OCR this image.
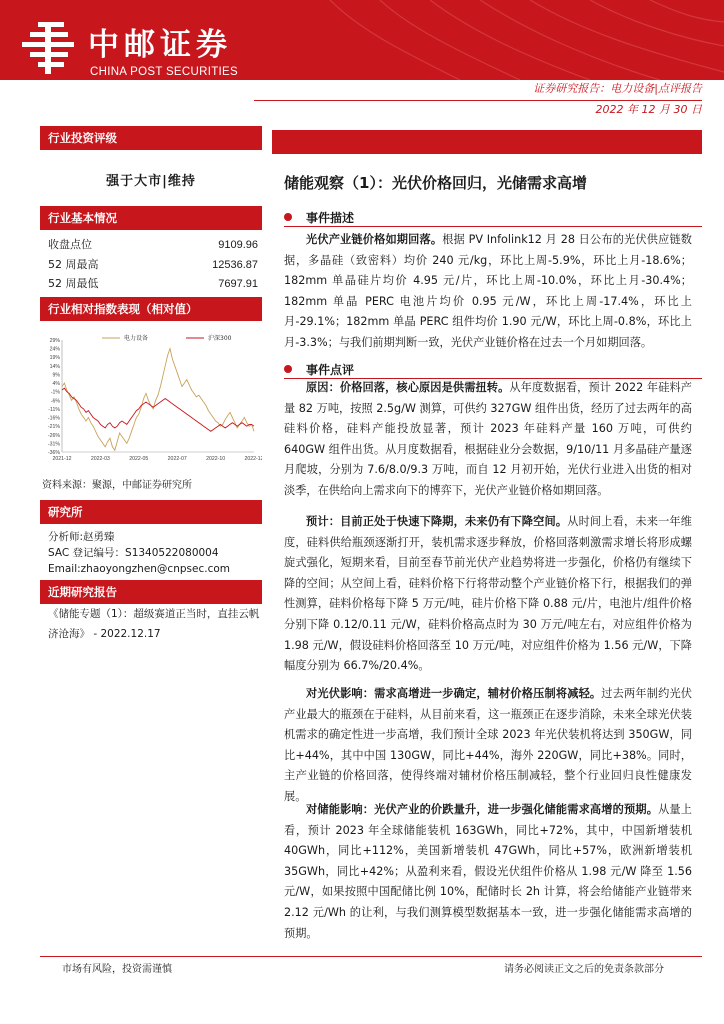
中邮证券
CHINA POST SECURITIES
证券研究报告：电力设备|点评报告
2022 年 12 月 30 日
行业投资评级
强于大市|维持
行业基本情况
收盘点位	9109.96
52 周最高	12536.87
52 周最低	7697.91
行业相对指数表现（相对值）
29%
24%
19%
14%
9%
4%
-1%
-6%
-11%
-16%
-21%
-26%
-31%
-36%
2021-12	2022-03	2022-05	2022-07	2022-10	2022-12
电力设备	沪深300
资料来源：聚源，中邮证券研究所
研究所
分析师:赵勇臻
SAC 登记编号：S1340522080004
Email:zhaoyongzhen@cnpsec.com
近期研究报告
《储能专题（1）：超级赛道正当时，直挂云帆济沧海》 - 2022.12.17
储能观察（1）：光伏价格回归，光储需求高增
事件描述
光伏产业链价格如期回落。根据 PV Infolink12 月 28 日公布的光伏供应链数据，多晶硅（致密料）均价 240 元/kg，环比上周-5.9%，环比上月-18.6%；182mm 单晶硅片均价 4.95 元/片，环比上周-10.0%，环比上月-30.4%；182mm 单晶 PERC 电池片均价 0.95 元/W，环比上周-17.4%，环比上月-29.1%；182mm 单晶 PERC 组件均价 1.90 元/W，环比上周-0.8%，环比上月-3.3%；与我们前期判断一致，光伏产业链价格在过去一个月如期回落。
事件点评
原因：价格回落，核心原因是供需扭转。从年度数据看，预计 2022 年硅料产量 82 万吨，按照 2.5g/W 测算，可供约 327GW 组件出货，经历了过去两年的高硅料价格，硅料产能投放显著，预计 2023 年硅料产量 160 万吨，可供约 640GW 组件出货。从月度数据看，根据硅业分会数据，9/10/11 月多晶硅产量逐月爬坡，分别为 7.6/8.0/9.3 万吨，而自 12 月初开始，光伏行业进入出货的相对淡季，在供给向上需求向下的博弈下，光伏产业链价格如期回落。
预计：目前正处于快速下降期，未来仍有下降空间。从时间上看，未来一年维度，硅料供给瓶颈逐渐打开，装机需求逐步释放，价格回落刺激需求增长将形成螺旋式强化，短期来看，目前至春节前光伏产业趋势将进一步强化，价格仍有继续下降的空间；从空间上看，硅料价格下行将带动整个产业链价格下行，根据我们的弹性测算，硅料价格每下降 5 万元/吨，硅片价格下降 0.88 元/片，电池片/组件价格分别下降 0.12/0.11 元/W，硅料价格高点时为 30 万元/吨左右，对应组件价格为 1.98 元/W，假设硅料价格回落至 10 万元/吨，对应组件价格为 1.56 元/W，下降幅度分别为 66.7%/20.4%。
对光伏影响：需求高增进一步确定，辅材价格压制将减轻。过去两年制约光伏产业最大的瓶颈在于硅料，从目前来看，这一瓶颈正在逐步消除，未来全球光伏装机需求的确定性进一步高增，我们预计全球 2023 年光伏装机将达到 350GW，同比+44%，其中中国 130GW，同比+44%，海外 220GW，同比+38%。同时，主产业链的价格回落，使得终端对辅材价格压制减轻，整个行业回归良性健康发展。
对储能影响：光伏产业的价跌量升，进一步强化储能需求高增的预期。从量上看，预计 2023 年全球储能装机 163GWh，同比+72%，其中，中国新增装机 40GWh，同比+112%，美国新增装机 47GWh，同比+57%，欧洲新增装机 35GWh，同比+42%；从盈利来看，假设光伏组件价格从 1.98 元/W 降至 1.56 元/W，如果按照中国配储比例 10%，配储时长 2h 计算，将会给储能产业链带来 2.12 元/Wh 的让利，与我们测算模型数据基本一致，进一步强化储能需求高增的预期。
市场有风险，投资需谨慎	请务必阅读正文之后的免责条款部分
